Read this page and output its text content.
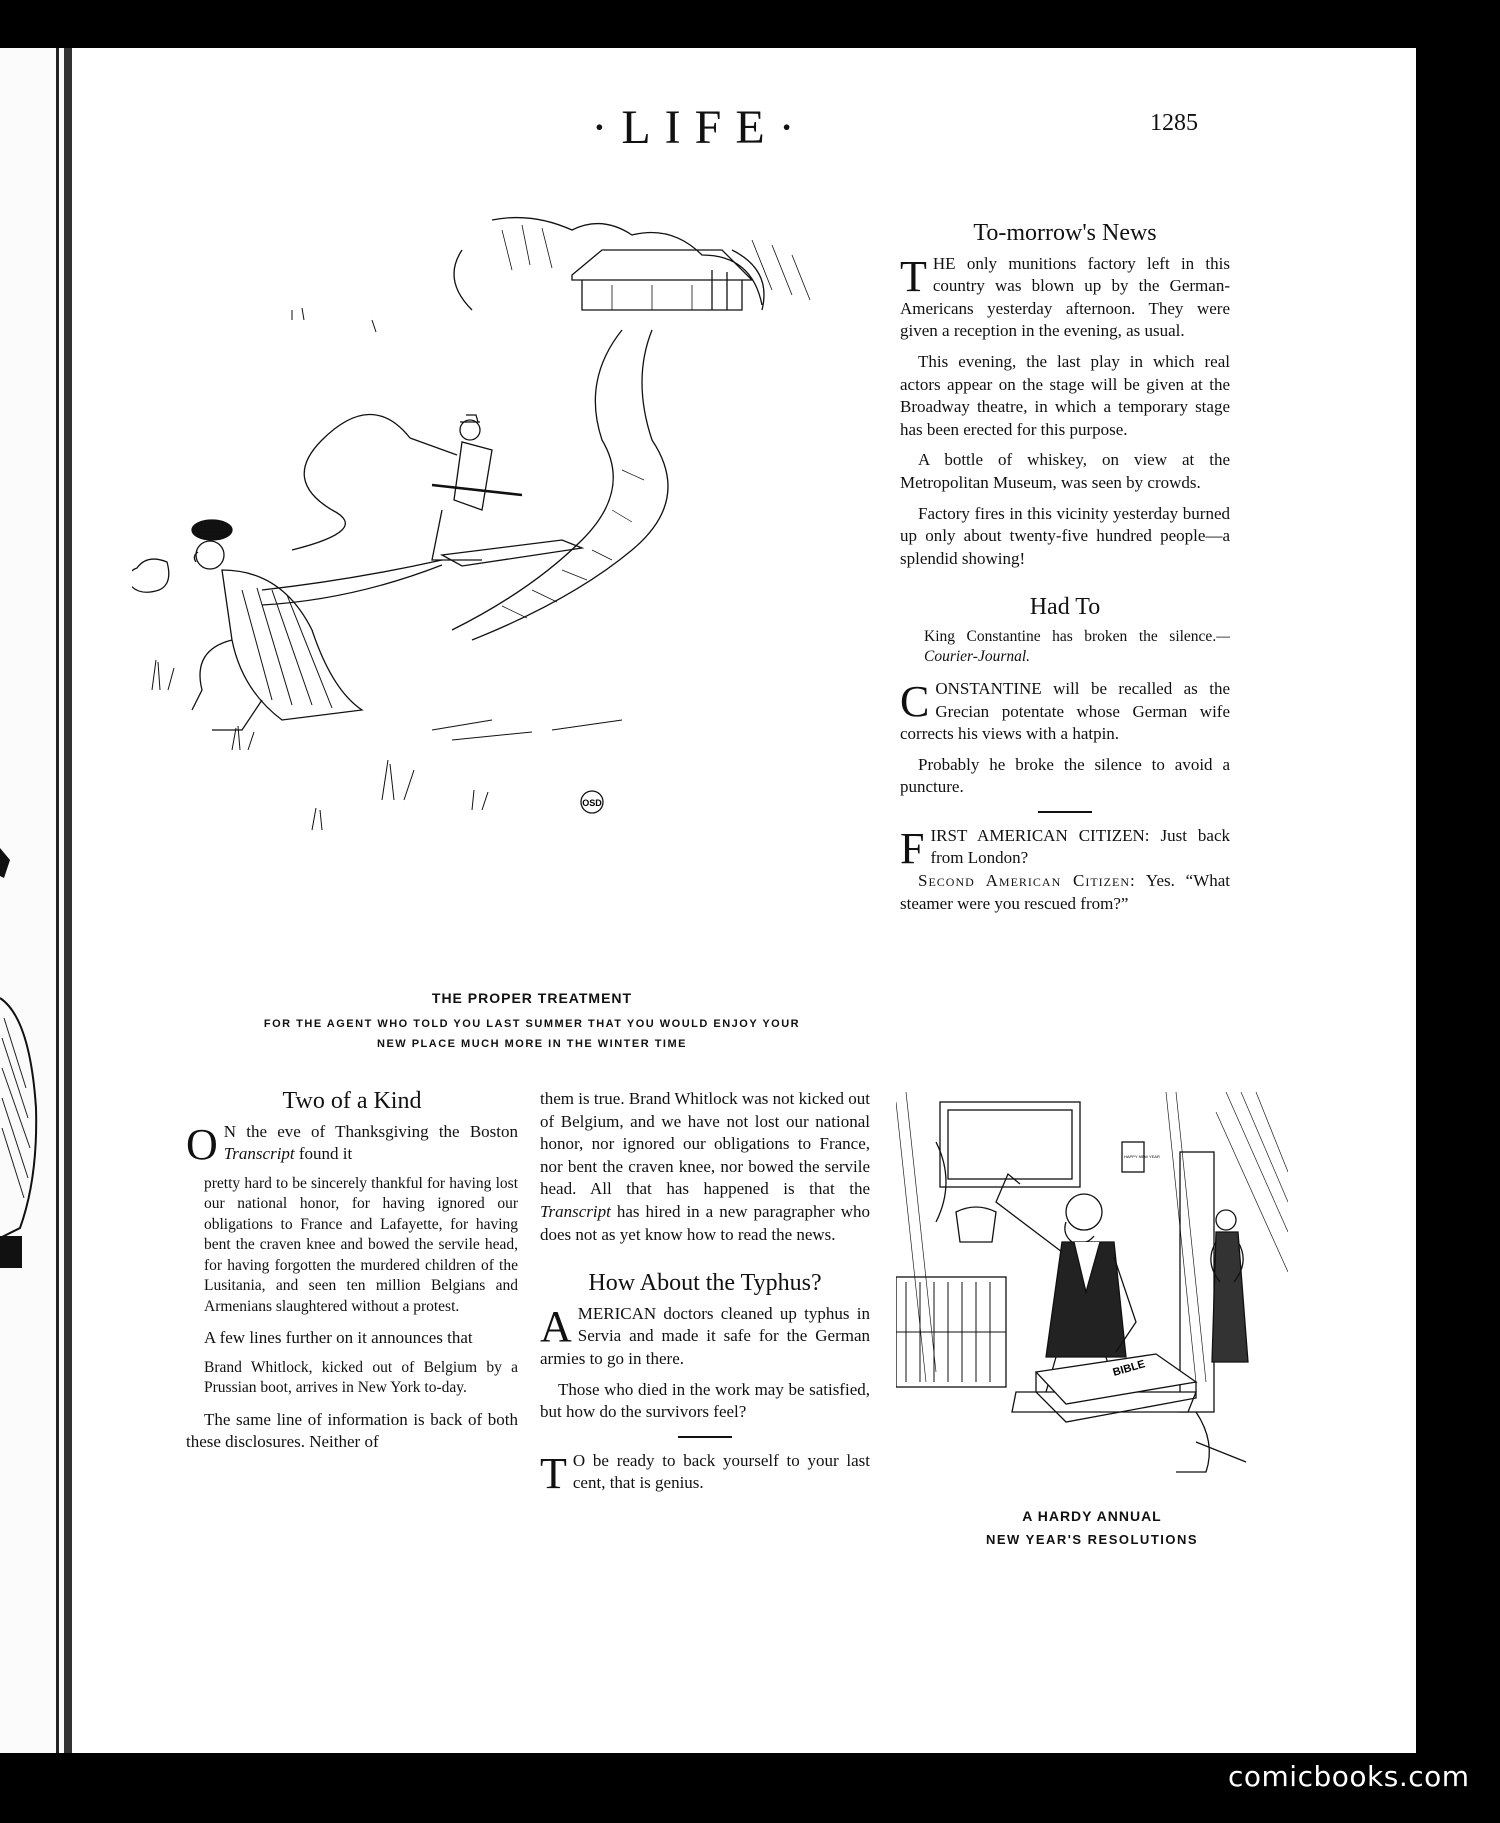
·LIFE·	1285
OSD
THE PROPER TREATMENT
FOR THE AGENT WHO TOLD YOU LAST SUMMER THAT YOU WOULD ENJOY YOUR
NEW PLACE MUCH MORE IN THE WINTER TIME
To-morrow's News

THE only munitions factory left in this country was blown up by the German-Americans yesterday afternoon. They were given a reception in the evening, as usual.

This evening, the last play in which real actors appear on the stage will be given at the Broadway theatre, in which a temporary stage has been erected for this purpose.

A bottle of whiskey, on view at the Metropolitan Museum, was seen by crowds.

Factory fires in this vicinity yesterday burned up only about twenty-five hundred people—a splendid showing!

Had To

King Constantine has broken the silence.—Courier-Journal.

CONSTANTINE will be recalled as the Grecian potentate whose German wife corrects his views with a hatpin.

Probably he broke the silence to avoid a puncture.

FIRST AMERICAN CITIZEN: Just back from London?
Second American Citizen: Yes. “What steamer were you rescued from?”

Two of a Kind

O N the eve of Thanksgiving the Boston Transcript found it

pretty hard to be sincerely thankful for having lost our national honor, for having ignored our obligations to France and Lafayette, for having bent the craven knee and bowed the servile head, for having forgotten the murdered children of the Lusitania, and seen ten million Belgians and Armenians slaughtered without a protest.

A few lines further on it announces that

Brand Whitlock, kicked out of Belgium by a Prussian boot, arrives in New York to-day.

The same line of information is back of both these disclosures. Neither of

them is true. Brand Whitlock was not kicked out of Belgium, and we have not lost our national honor, nor ignored our obligations to France, nor bent the craven knee, nor bowed the servile head. All that has happened is that the Transcript has hired in a new paragrapher who does not as yet know how to read the news.

How About the Typhus?

AMERICAN doctors cleaned up typhus in Servia and made it safe for the German armies to go in there.

Those who died in the work may be satisfied, but how do the survivors feel?

T O be ready to back yourself to your last cent, that is genius.

BIBLE
HAPPY NEW YEAR
A HARDY ANNUAL
NEW YEAR'S RESOLUTIONS
comicbooks.com
